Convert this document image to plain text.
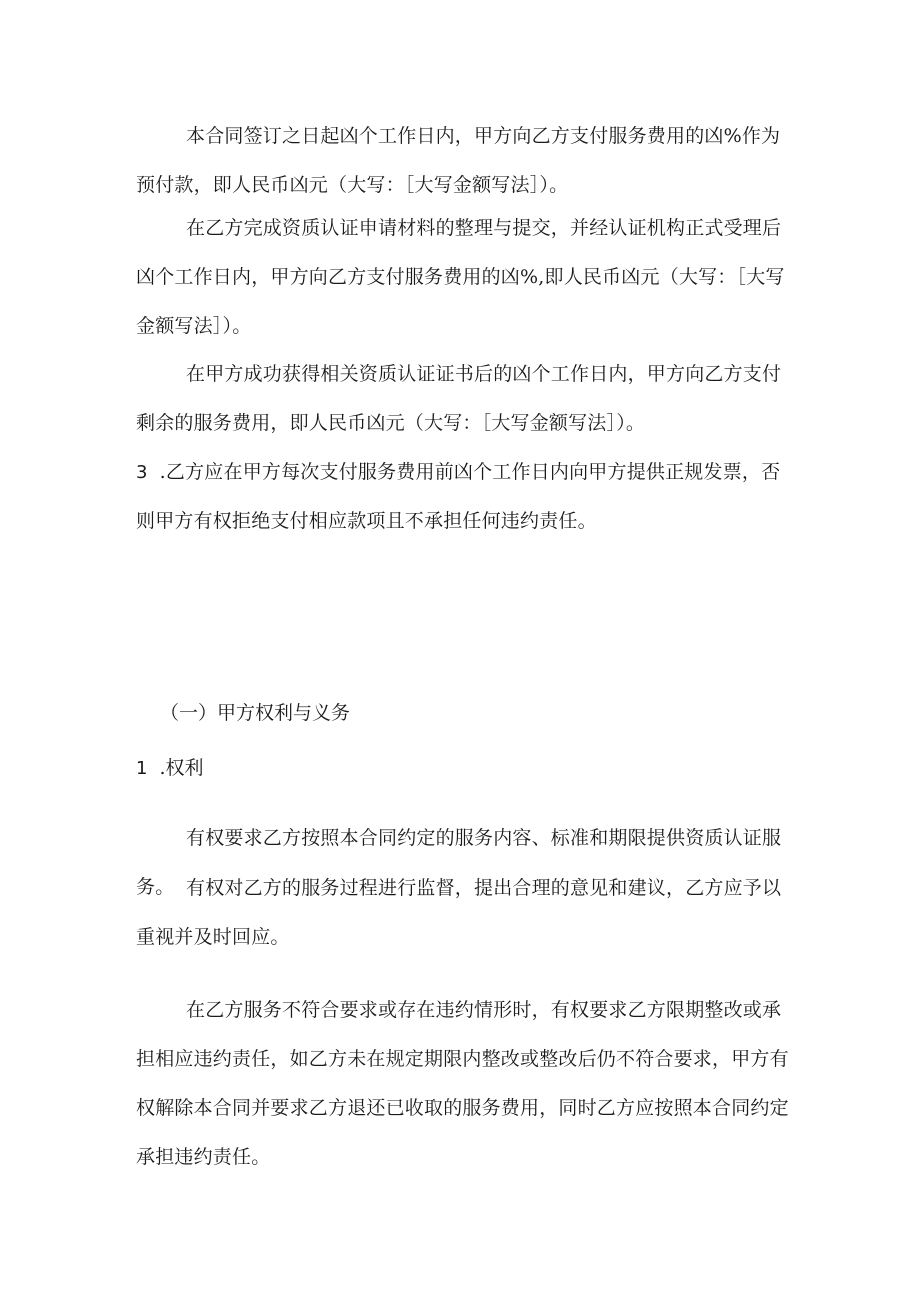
本合同签订之日起凶个工作日内，甲方向乙方支付服务费用的凶%作为预付款，即人民币凶元（大写：［大写金额写法］）。

在乙方完成资质认证申请材料的整理与提交，并经认证机构正式受理后凶个工作日内，甲方向乙方支付服务费用的凶%,即人民币凶元（大写：［大写金额写法］）。

在甲方成功获得相关资质认证证书后的凶个工作日内，甲方向乙方支付剩余的服务费用，即人民币凶元（大写：［大写金额写法］）。

3 .乙方应在甲方每次支付服务费用前凶个工作日内向甲方提供正规发票，否则甲方有权拒绝支付相应款项且不承担任何违约责任。

（一）甲方权利与义务
1 .权利

有权要求乙方按照本合同约定的服务内容、标准和期限提供资质认证服务。 有权对乙方的服务过程进行监督，提出合理的意见和建议，乙方应予以重视并及时回应。

在乙方服务不符合要求或存在违约情形时，有权要求乙方限期整改或承担相应违约责任，如乙方未在规定期限内整改或整改后仍不符合要求，甲方有权解除本合同并要求乙方退还已收取的服务费用，同时乙方应按照本合同约定承担违约责任。
